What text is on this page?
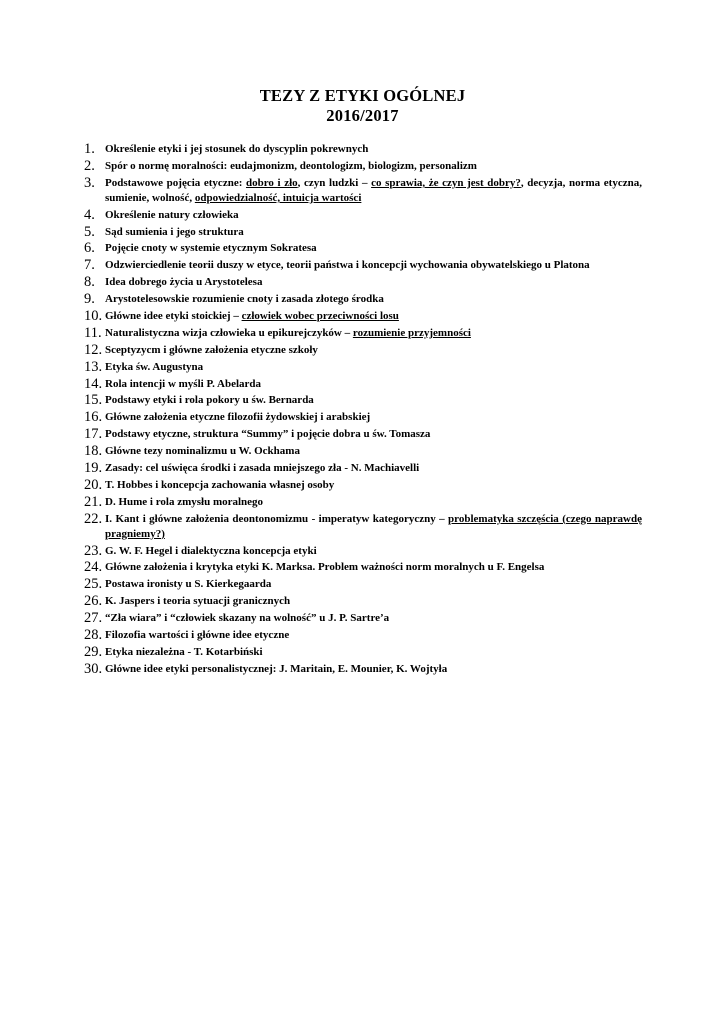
TEZY Z ETYKI OGÓLNEJ
2016/2017
1. Określenie etyki i jej stosunek do dyscyplin pokrewnych
2. Spór o normę moralności: eudajmonizm, deontologizm, biologizm, personalizm
3. Podstawowe pojęcia etyczne: dobro i zło, czyn ludzki – co sprawia, że czyn jest dobry?, decyzja, norma etyczna, sumienie, wolność, odpowiedzialność, intuicja wartości
4. Określenie natury człowieka
5. Sąd sumienia i jego struktura
6. Pojęcie cnoty w systemie etycznym Sokratesa
7. Odzwierciedlenie teorii duszy w etyce, teorii państwa i koncepcji wychowania obywatelskiego u Platona
8. Idea dobrego życia u Arystotelesa
9. Arystotelesowskie rozumienie cnoty i zasada złotego środka
10. Główne idee etyki stoickiej – człowiek wobec przeciwności losu
11. Naturalistyczna wizja człowieka u epikurejczyków – rozumienie przyjemności
12. Sceptyzycm i główne założenia etyczne szkoły
13. Etyka św. Augustyna
14. Rola intencji w myśli P. Abelarda
15. Podstawy etyki i rola pokory u św. Bernarda
16. Główne założenia etyczne filozofii żydowskiej i arabskiej
17. Podstawy etyczne, struktura “Summy” i pojęcie dobra u św. Tomasza
18. Główne tezy nominalizmu u W. Ockhama
19. Zasady: cel uświęca środki i zasada mniejszego zła - N. Machiavelli
20. T. Hobbes i koncepcja zachowania własnej osoby
21. D. Hume i rola zmysłu moralnego
22. I. Kant i główne założenia deontonomizmu - imperatyw kategoryczny – problematyka szczęścia (czego naprawdę pragniemy?)
23. G. W. F. Hegel i dialektyczna koncepcja etyki
24. Główne założenia i krytyka etyki K. Marksa. Problem ważności norm moralnych u F. Engelsa
25. Postawa ironisty u S. Kierkegaarda
26. K. Jaspers i teoria sytuacji granicznych
27. “Zła wiara” i “człowiek skazany na wolność” u J. P. Sartre’a
28. Filozofia wartości i główne idee etyczne
29. Etyka niezależna - T. Kotarbiński
30. Główne idee etyki personalistycznej: J. Maritain, E. Mounier, K. Wojtyła
